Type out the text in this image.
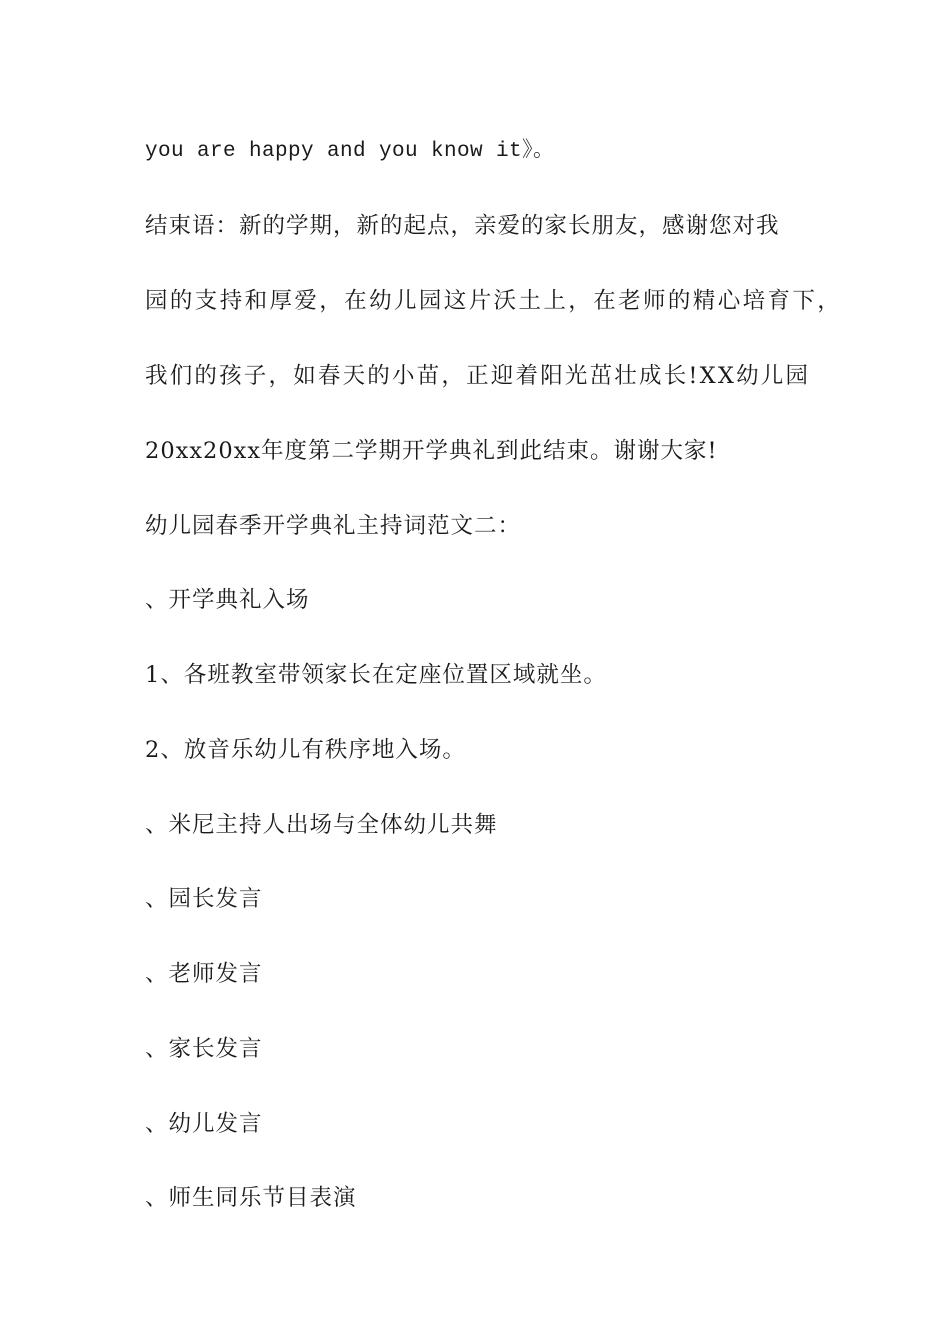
you are happy and you know it》。
结束语：新的学期，新的起点，亲爱的家长朋友，感谢您对我
园的支持和厚爱，在幼儿园这片沃土上，在老师的精心培育下，
我们的孩子，如春天的小苗，正迎着阳光茁壮成长!XX幼儿园
20xx20xx年度第二学期开学典礼到此结束。谢谢大家!
幼儿园春季开学典礼主持词范文二：
、开学典礼入场
1、各班教室带领家长在定座位置区域就坐。
2、放音乐幼儿有秩序地入场。
、米尼主持人出场与全体幼儿共舞
、园长发言
、老师发言
、家长发言
、幼儿发言
、师生同乐节目表演
